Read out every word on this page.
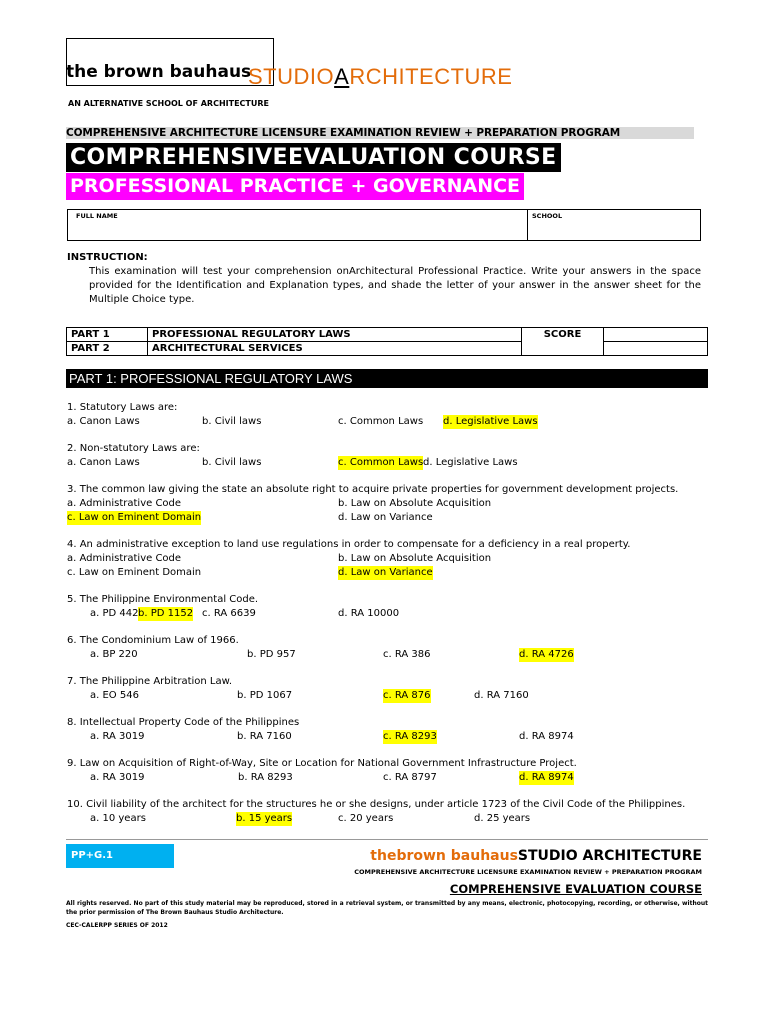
the brown bauhaus
STUDIOARCHITECTURE
AN ALTERNATIVE SCHOOL OF ARCHITECTURE
COMPREHENSIVE ARCHITECTURE LICENSURE EXAMINATION REVIEW + PREPARATION PROGRAM
COMPREHENSIVEEVALUATION COURSE
PROFESSIONAL PRACTICE + GOVERNANCE
FULL NAME	SCHOOL
INSTRUCTION:
This examination will test your comprehension onArchitectural Professional Practice. Write your answers in the space provided for the Identification and Explanation types, and shade the letter of your answer in the answer sheet for the Multiple Choice type.
PART 1	PROFESSIONAL REGULATORY LAWS	SCORE	
PART 2	ARCHITECTURAL SERVICES		
PART 1: PROFESSIONAL REGULATORY LAWS
1. Statutory Laws are:
a. Canon Laws	b. Civil laws	c. Common Laws d. Legislative Laws
2. Non-statutory Laws are:
a. Canon Laws	b. Civil laws	c. Common Laws d. Legislative Laws
3. The common law giving the state an absolute right to acquire private properties for government development projects.
a. Administrative Code	b. Law on Absolute Acquisition
c. Law on Eminent Domain	d. Law on Variance
4. An administrative exception to land use regulations in order to compensate for a deficiency in a real property.
a. Administrative Code	b. Law on Absolute Acquisition
c. Law on Eminent Domain	d. Law on Variance
5. The Philippine Environmental Code.
a. PD 442 b. PD 1152 c. RA 6639	d. RA 10000
6. The Condominium Law of 1966.
a. BP 220	b. PD 957	c. RA 386	d. RA 4726
7. The Philippine Arbitration Law.
a. EO 546	b. PD 1067	c. RA 876	d. RA 7160
8. Intellectual Property Code of the Philippines
a. RA 3019	b. RA 7160	c. RA 8293	d. RA 8974
9. Law on Acquisition of Right-of-Way, Site or Location for National Government Infrastructure Project.
a. RA 3019	b. RA 8293	c. RA 8797	d. RA 8974
10. Civil liability of the architect for the structures he or she designs, under article 1723 of the Civil Code of the Philippines.
a. 10 years	b. 15 years	c. 20 years	d. 25 years
PP+G.1	thebrown bauhausSTUDIO ARCHITECTURE
COMPREHENSIVE ARCHITECTURE LICENSURE EXAMINATION REVIEW + PREPARATION PROGRAM
COMPREHENSIVE EVALUATION COURSE
All rights reserved. No part of this study material may be reproduced, stored in a retrieval system, or transmitted by any means, electronic, photocopying, recording, or otherwise, without the prior permission of The Brown Bauhaus Studio Architecture.
CEC-CALERPP SERIES OF 2012
